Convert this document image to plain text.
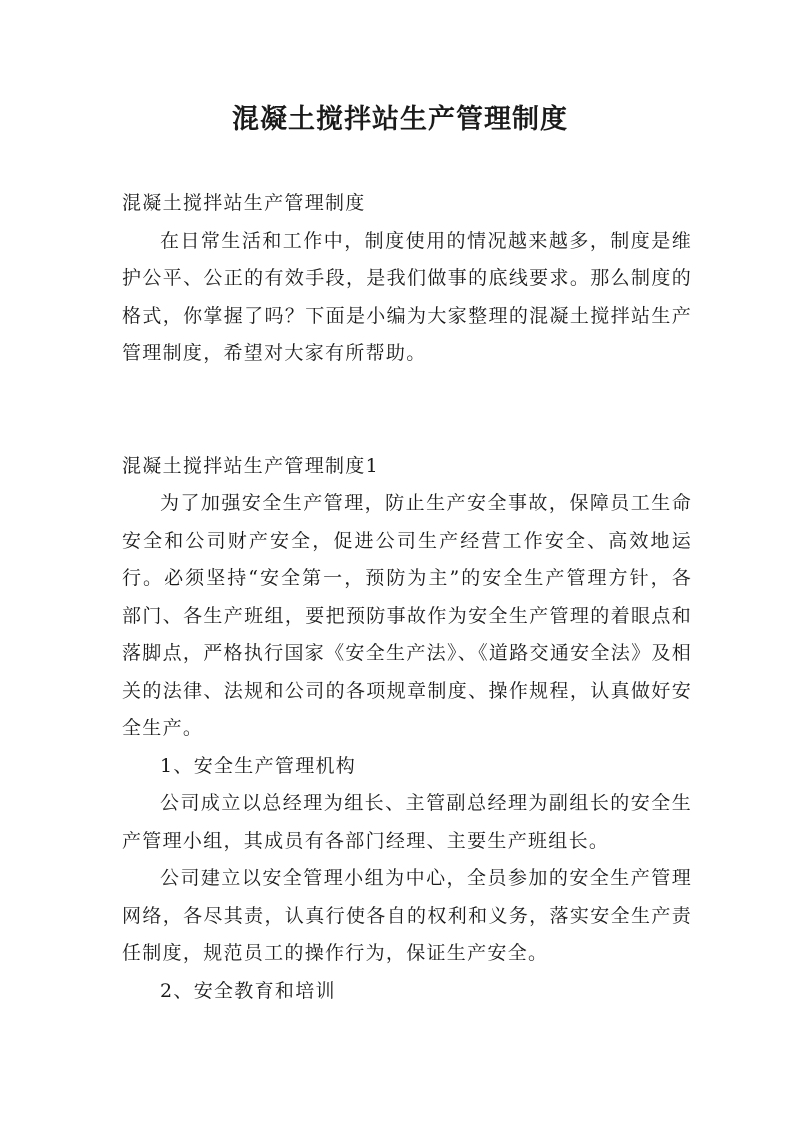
混凝土搅拌站生产管理制度

混凝土搅拌站生产管理制度

在日常生活和工作中，制度使用的情况越来越多，制度是维护公平、公正的有效手段，是我们做事的底线要求。那么制度的格式，你掌握了吗？下面是小编为大家整理的混凝土搅拌站生产管理制度，希望对大家有所帮助。

混凝土搅拌站生产管理制度1

为了加强安全生产管理，防止生产安全事故，保障员工生命安全和公司财产安全，促进公司生产经营工作安全、高效地运行。必须坚持“安全第一，预防为主”的安全生产管理方针，各部门、各生产班组，要把预防事故作为安全生产管理的着眼点和落脚点，严格执行国家《安全生产法》、《道路交通安全法》及相关的法律、法规和公司的各项规章制度、操作规程，认真做好安全生产。

1、安全生产管理机构

公司成立以总经理为组长、主管副总经理为副组长的安全生产管理小组，其成员有各部门经理、主要生产班组长。

公司建立以安全管理小组为中心，全员参加的安全生产管理网络，各尽其责，认真行使各自的权利和义务，落实安全生产责任制度，规范员工的操作行为，保证生产安全。

2、安全教育和培训
